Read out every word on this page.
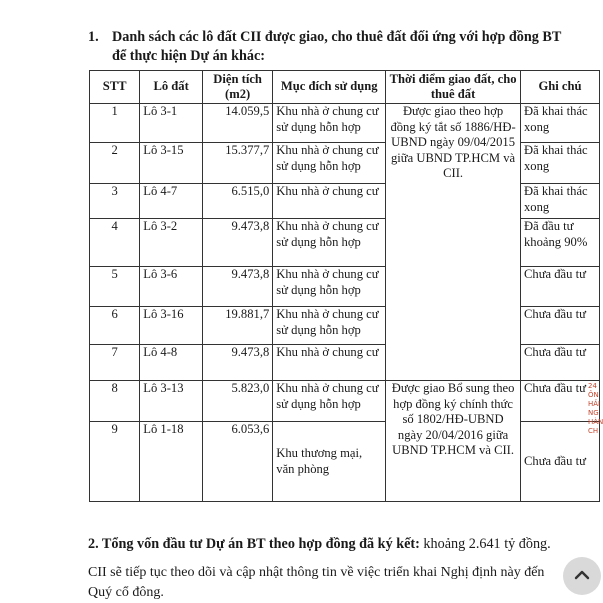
1. Danh sách các lô đất CII được giao, cho thuê đất đối ứng với hợp đồng BT để thực hiện Dự án khác:
STT	Lô đất	Diện tích (m2)	Mục đích sử dụng	Thời điểm giao đất, cho thuê đất	Ghi chú
1	Lô 3-1	14.059,5	Khu nhà ở chung cư sử dụng hỗn hợp	Được giao theo hợp đồng ký tắt số 1886/HĐ-UBND ngày 09/04/2015 giữa UBND TP.HCM và CII.	Đã khai thác xong
2	Lô 3-15	15.377,7	Khu nhà ở chung cư sử dụng hỗn hợp		Đã khai thác xong
3	Lô 4-7	6.515,0	Khu nhà ở chung cư		Đã khai thác xong
4	Lô 3-2	9.473,8	Khu nhà ở chung cư sử dụng hỗn hợp		Đã đầu tư khoảng 90%
5	Lô 3-6	9.473,8	Khu nhà ở chung cư sử dụng hỗn hợp		Chưa đầu tư
6	Lô 3-16	19.881,7	Khu nhà ở chung cư sử dụng hỗn hợp		Chưa đầu tư
7	Lô 4-8	9.473,8	Khu nhà ở chung cư		Chưa đầu tư
8	Lô 3-13	5.823,0	Khu nhà ở chung cư sử dụng hỗn hợp	Được giao Bổ sung theo hợp đồng ký chính thức số 1802/HĐ-UBND ngày 20/04/2016 giữa UBND TP.HCM và CII.	Chưa đầu tư
9	Lô 1-18	6.053,6	Khu thương mại, văn phòng		Chưa đầu tư
2. Tổng vốn đầu tư Dự án BT theo hợp đồng đã ký kết: khoảng 2.641 tỷ đồng.
CII sẽ tiếp tục theo dõi và cập nhật thông tin về việc triển khai Nghị định này đến Quý cổ đông.
24 ÔN HẢI NG HÀN CH
